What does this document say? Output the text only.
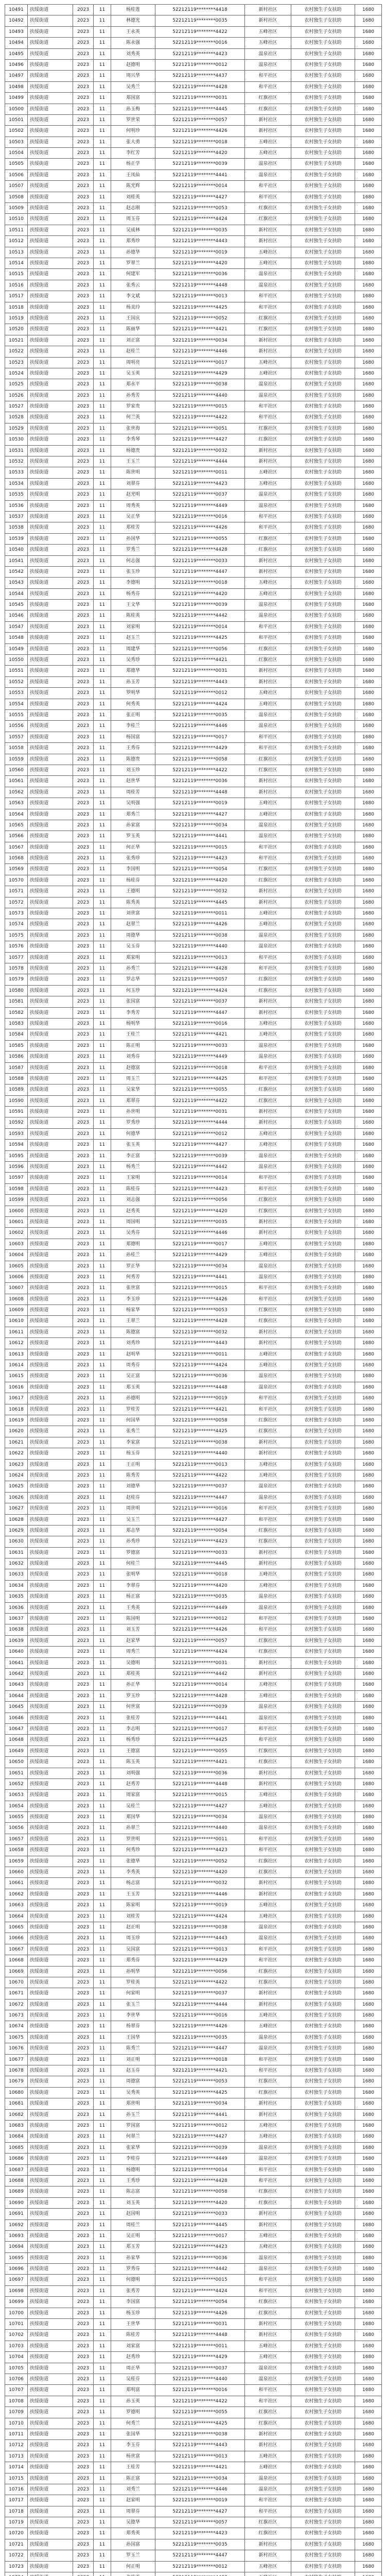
10491	扶绥街道	2023	11	杨桂莲	52212119********4418	新村社区	农村独生子女扶助	1680
10492	扶绥街道	2023	11	林德光	52212119********0035	新村社区	农村独生子女扶助	1680
10493	扶绥街道	2023	11	王永英	52212119********4422	五峰社区	农村独生子女扶助	1680
10494	扶绥街道	2023	11	陈永强	52212119********0016	五峰社区	农村独生子女扶助	1680
10495	扶绥街道	2023	11	刘秀英	52212119********4423	温泉社区	农村独生子女扶助	1680
10496	扶绥街道	2023	11	赵德明	52212119********0012	温泉社区	农村独生子女扶助	1680
10497	扶绥街道	2023	11	周兴华	52212119********4437	和平社区	农村独生子女扶助	1680
10498	扶绥街道	2023	11	吴秀兰	52212119********4428	和平社区	农村独生子女扶助	1680
10499	扶绥街道	2023	11	郑国富	52212119********0031	红旗社区	农村独生子女扶助	1680
10500	扶绥街道	2023	11	孙玉梅	52212119********4445	红旗社区	农村独生子女扶助	1680
10501	扶绥街道	2023	11	罗世荣	52212119********0057	新村社区	农村独生子女扶助	1680
10502	扶绥街道	2023	11	何明珍	52212119********4426	新村社区	农村独生子女扶助	1680
10503	扶绥街道	2023	11	张大勇	52212119********0018	五峰社区	农村独生子女扶助	1680
10504	扶绥街道	2023	11	李红芳	52212119********4420	五峰社区	农村独生子女扶助	1680
10505	扶绥街道	2023	11	杨正学	52212119********0039	温泉社区	农村独生子女扶助	1680
10506	扶绥街道	2023	11	王凤仙	52212119********4441	温泉社区	农村独生子女扶助	1680
10507	扶绥街道	2023	11	陈光辉	52212119********0014	和平社区	农村独生子女扶助	1680
10508	扶绥街道	2023	11	刘桂英	52212119********4427	和平社区	农村独生子女扶助	1680
10509	扶绥街道	2023	11	赵志刚	52212119********0053	红旗社区	农村独生子女扶助	1680
10510	扶绥街道	2023	11	周玉芬	52212119********4424	红旗社区	农村独生子女扶助	1680
10511	扶绥街道	2023	11	吴成林	52212119********0035	新村社区	农村独生子女扶助	1680
10512	扶绥街道	2023	11	郑秀珍	52212119********4443	新村社区	农村独生子女扶助	1680
10513	扶绥街道	2023	11	孙德华	52212119********0019	五峰社区	农村独生子女扶助	1680
10514	扶绥街道	2023	11	罗翠兰	52212119********4420	五峰社区	农村独生子女扶助	1680
10515	扶绥街道	2023	11	何建军	52212119********0036	温泉社区	农村独生子女扶助	1680
10516	扶绥街道	2023	11	张秀云	52212119********4448	温泉社区	农村独生子女扶助	1680
10517	扶绥街道	2023	11	李文斌	52212119********0013	和平社区	农村独生子女扶助	1680
10518	扶绥街道	2023	11	杨美玲	52212119********4425	和平社区	农村独生子女扶助	1680
10519	扶绥街道	2023	11	王国庆	52212119********0052	红旗社区	农村独生子女扶助	1680
10520	扶绥街道	2023	11	陈丽华	52212119********4421	红旗社区	农村独生子女扶助	1680
10521	扶绥街道	2023	11	刘正富	52212119********0034	新村社区	农村独生子女扶助	1680
10522	扶绥街道	2023	11	赵桂兰	52212119********4446	新村社区	农村独生子女扶助	1680
10523	扶绥街道	2023	11	周明亮	52212119********0017	五峰社区	农村独生子女扶助	1680
10524	扶绥街道	2023	11	吴玉英	52212119********4429	五峰社区	农村独生子女扶助	1680
10525	扶绥街道	2023	11	郑永平	52212119********0038	温泉社区	农村独生子女扶助	1680
10526	扶绥街道	2023	11	孙秀芳	52212119********4440	温泉社区	农村独生子女扶助	1680
10527	扶绥街道	2023	11	罗家贵	52212119********0015	和平社区	农村独生子女扶助	1680
10528	扶绥街道	2023	11	何兰英	52212119********4422	和平社区	农村独生子女扶助	1680
10529	扶绥街道	2023	11	张世海	52212119********0051	红旗社区	农村独生子女扶助	1680
10530	扶绥街道	2023	11	李秀琴	52212119********4427	红旗社区	农村独生子女扶助	1680
10531	扶绥街道	2023	11	杨德贵	52212119********0032	新村社区	农村独生子女扶助	1680
10532	扶绥街道	2023	11	王玉兰	52212119********4444	新村社区	农村独生子女扶助	1680
10533	扶绥街道	2023	11	陈世明	52212119********0011	五峰社区	农村独生子女扶助	1680
10534	扶绥街道	2023	11	刘翠芬	52212119********4423	五峰社区	农村独生子女扶助	1680
10535	扶绥街道	2023	11	赵光明	52212119********0037	温泉社区	农村独生子女扶助	1680
10536	扶绥街道	2023	11	周秀英	52212119********4449	温泉社区	农村独生子女扶助	1680
10537	扶绥街道	2023	11	吴正华	52212119********0016	和平社区	农村独生子女扶助	1680
10538	扶绥街道	2023	11	郑桂芳	52212119********4426	和平社区	农村独生子女扶助	1680
10539	扶绥街道	2023	11	孙国华	52212119********0055	红旗社区	农村独生子女扶助	1680
10540	扶绥街道	2023	11	罗秀兰	52212119********4428	红旗社区	农村独生子女扶助	1680
10541	扶绥街道	2023	11	何志强	52212119********0033	新村社区	农村独生子女扶助	1680
10542	扶绥街道	2023	11	张玉珍	52212119********4447	新村社区	农村独生子女扶助	1680
10543	扶绥街道	2023	11	李德明	52212119********0018	五峰社区	农村独生子女扶助	1680
10544	扶绥街道	2023	11	杨秀芬	52212119********4420	五峰社区	农村独生子女扶助	1680
10545	扶绥街道	2023	11	王文华	52212119********0039	温泉社区	农村独生子女扶助	1680
10546	扶绥街道	2023	11	陈桂英	52212119********4442	温泉社区	农村独生子女扶助	1680
10547	扶绥街道	2023	11	刘家明	52212119********0014	和平社区	农村独生子女扶助	1680
10548	扶绥街道	2023	11	赵玉兰	52212119********4425	和平社区	农村独生子女扶助	1680
10549	扶绥街道	2023	11	周建华	52212119********0056	红旗社区	农村独生子女扶助	1680
10550	扶绥街道	2023	11	吴秀珍	52212119********4421	红旗社区	农村独生子女扶助	1680
10551	扶绥街道	2023	11	郑德华	52212119********0031	新村社区	农村独生子女扶助	1680
10552	扶绥街道	2023	11	孙玉芳	52212119********4443	新村社区	农村独生子女扶助	1680
10553	扶绥街道	2023	11	罗明华	52212119********0012	五峰社区	农村独生子女扶助	1680
10554	扶绥街道	2023	11	何秀英	52212119********4424	五峰社区	农村独生子女扶助	1680
10555	扶绥街道	2023	11	张正明	52212119********0035	温泉社区	农村独生子女扶助	1680
10556	扶绥街道	2023	11	李桂兰	52212119********4446	温泉社区	农村独生子女扶助	1680
10557	扶绥街道	2023	11	杨国富	52212119********0017	和平社区	农村独生子女扶助	1680
10558	扶绥街道	2023	11	王秀芬	52212119********4429	和平社区	农村独生子女扶助	1680
10559	扶绥街道	2023	11	陈德贵	52212119********0058	红旗社区	农村独生子女扶助	1680
10560	扶绥街道	2023	11	刘玉珍	52212119********4422	红旗社区	农村独生子女扶助	1680
10561	扶绥街道	2023	11	赵世华	52212119********0036	新村社区	农村独生子女扶助	1680
10562	扶绥街道	2023	11	周桂芳	52212119********4448	新村社区	农村独生子女扶助	1680
10563	扶绥街道	2023	11	吴明强	52212119********0019	五峰社区	农村独生子女扶助	1680
10564	扶绥街道	2023	11	郑秀兰	52212119********4427	五峰社区	农村独生子女扶助	1680
10565	扶绥街道	2023	11	孙家富	52212119********0034	温泉社区	农村独生子女扶助	1680
10566	扶绥街道	2023	11	罗玉英	52212119********4441	温泉社区	农村独生子女扶助	1680
10567	扶绥街道	2023	11	何正华	52212119********0015	和平社区	农村独生子女扶助	1680
10568	扶绥街道	2023	11	张秀珍	52212119********4423	和平社区	农村独生子女扶助	1680
10569	扶绥街道	2023	11	李国明	52212119********0054	红旗社区	农村独生子女扶助	1680
10570	扶绥街道	2023	11	杨桂芬	52212119********4420	红旗社区	农村独生子女扶助	1680
10571	扶绥街道	2023	11	王德明	52212119********0032	新村社区	农村独生子女扶助	1680
10572	扶绥街道	2023	11	陈秀英	52212119********4445	新村社区	农村独生子女扶助	1680
10573	扶绥街道	2023	11	刘世富	52212119********0011	五峰社区	农村独生子女扶助	1680
10574	扶绥街道	2023	11	赵翠兰	52212119********4426	五峰社区	农村独生子女扶助	1680
10575	扶绥街道	2023	11	周德华	52212119********0038	温泉社区	农村独生子女扶助	1680
10576	扶绥街道	2023	11	吴玉芬	52212119********4440	温泉社区	农村独生子女扶助	1680
10577	扶绥街道	2023	11	郑家明	52212119********0013	和平社区	农村独生子女扶助	1680
10578	扶绥街道	2023	11	孙秀兰	52212119********4428	和平社区	农村独生子女扶助	1680
10579	扶绥街道	2023	11	罗志华	52212119********0057	红旗社区	农村独生子女扶助	1680
10580	扶绥街道	2023	11	何玉珍	52212119********4424	红旗社区	农村独生子女扶助	1680
10581	扶绥街道	2023	11	张国富	52212119********0037	新村社区	农村独生子女扶助	1680
10582	扶绥街道	2023	11	李秀芳	52212119********4447	新村社区	农村独生子女扶助	1680
10583	扶绥街道	2023	11	杨明华	52212119********0016	五峰社区	农村独生子女扶助	1680
10584	扶绥街道	2023	11	王桂兰	52212119********4421	五峰社区	农村独生子女扶助	1680
10585	扶绥街道	2023	11	陈正明	52212119********0033	温泉社区	农村独生子女扶助	1680
10586	扶绥街道	2023	11	刘秀芬	52212119********4449	温泉社区	农村独生子女扶助	1680
10587	扶绥街道	2023	11	赵德富	52212119********0018	和平社区	农村独生子女扶助	1680
10588	扶绥街道	2023	11	周玉兰	52212119********4425	和平社区	农村独生子女扶助	1680
10589	扶绥街道	2023	11	吴家华	52212119********0055	红旗社区	农村独生子女扶助	1680
10590	扶绥街道	2023	11	郑翠芬	52212119********4422	红旗社区	农村独生子女扶助	1680
10591	扶绥街道	2023	11	孙世明	52212119********0031	新村社区	农村独生子女扶助	1680
10592	扶绥街道	2023	11	罗秀珍	52212119********4444	新村社区	农村独生子女扶助	1680
10593	扶绥街道	2023	11	何德华	52212119********0012	五峰社区	农村独生子女扶助	1680
10594	扶绥街道	2023	11	张玉英	52212119********4427	五峰社区	农村独生子女扶助	1680
10595	扶绥街道	2023	11	李正富	52212119********0039	温泉社区	农村独生子女扶助	1680
10596	扶绥街道	2023	11	杨秀兰	52212119********4442	温泉社区	农村独生子女扶助	1680
10597	扶绥街道	2023	11	王家明	52212119********0014	和平社区	农村独生子女扶助	1680
10598	扶绥街道	2023	11	陈桂芬	52212119********4423	和平社区	农村独生子女扶助	1680
10599	扶绥街道	2023	11	刘志强	52212119********0056	红旗社区	农村独生子女扶助	1680
10600	扶绥街道	2023	11	赵秀英	52212119********4420	红旗社区	农村独生子女扶助	1680
10601	扶绥街道	2023	11	周国明	52212119********0035	新村社区	农村独生子女扶助	1680
10602	扶绥街道	2023	11	吴秀芬	52212119********4446	新村社区	农村独生子女扶助	1680
10603	扶绥街道	2023	11	郑德明	52212119********0017	五峰社区	农村独生子女扶助	1680
10604	扶绥街道	2023	11	孙桂兰	52212119********4429	五峰社区	农村独生子女扶助	1680
10605	扶绥街道	2023	11	罗正华	52212119********0034	温泉社区	农村独生子女扶助	1680
10606	扶绥街道	2023	11	何秀芳	52212119********4441	温泉社区	农村独生子女扶助	1680
10607	扶绥街道	2023	11	张世富	52212119********0015	和平社区	农村独生子女扶助	1680
10608	扶绥街道	2023	11	李玉珍	52212119********4426	和平社区	农村独生子女扶助	1680
10609	扶绥街道	2023	11	杨家华	52212119********0053	红旗社区	农村独生子女扶助	1680
10610	扶绥街道	2023	11	王翠兰	52212119********4428	红旗社区	农村独生子女扶助	1680
10611	扶绥街道	2023	11	陈德富	52212119********0032	新村社区	农村独生子女扶助	1680
10612	扶绥街道	2023	11	刘秀珍	52212119********4443	新村社区	农村独生子女扶助	1680
10613	扶绥街道	2023	11	赵明华	52212119********0011	五峰社区	农村独生子女扶助	1680
10614	扶绥街道	2023	11	周秀芬	52212119********4424	五峰社区	农村独生子女扶助	1680
10615	扶绥街道	2023	11	吴正富	52212119********0036	温泉社区	农村独生子女扶助	1680
10616	扶绥街道	2023	11	郑玉英	52212119********4448	温泉社区	农村独生子女扶助	1680
10617	扶绥街道	2023	11	孙德明	52212119********0019	和平社区	农村独生子女扶助	1680
10618	扶绥街道	2023	11	罗桂芳	52212119********4421	和平社区	农村独生子女扶助	1680
10619	扶绥街道	2023	11	何国华	52212119********0058	红旗社区	农村独生子女扶助	1680
10620	扶绥街道	2023	11	张秀兰	52212119********4425	红旗社区	农村独生子女扶助	1680
10621	扶绥街道	2023	11	李家富	52212119********0038	新村社区	农村独生子女扶助	1680
10622	扶绥街道	2023	11	杨玉芬	52212119********4440	新村社区	农村独生子女扶助	1680
10623	扶绥街道	2023	11	王正明	52212119********0013	五峰社区	农村独生子女扶助	1680
10624	扶绥街道	2023	11	陈秀芳	52212119********4422	五峰社区	农村独生子女扶助	1680
10625	扶绥街道	2023	11	刘德华	52212119********0037	温泉社区	农村独生子女扶助	1680
10626	扶绥街道	2023	11	赵桂芬	52212119********4447	温泉社区	农村独生子女扶助	1680
10627	扶绥街道	2023	11	周世明	52212119********0016	和平社区	农村独生子女扶助	1680
10628	扶绥街道	2023	11	吴玉兰	52212119********4427	和平社区	农村独生子女扶助	1680
10629	扶绥街道	2023	11	郑志华	52212119********0054	红旗社区	农村独生子女扶助	1680
10630	扶绥街道	2023	11	孙秀珍	52212119********4423	红旗社区	农村独生子女扶助	1680
10631	扶绥街道	2023	11	罗德富	52212119********0033	新村社区	农村独生子女扶助	1680
10632	扶绥街道	2023	11	何桂兰	52212119********4445	新村社区	农村独生子女扶助	1680
10633	扶绥街道	2023	11	张明华	52212119********0018	五峰社区	农村独生子女扶助	1680
10634	扶绥街道	2023	11	李翠芬	52212119********4420	五峰社区	农村独生子女扶助	1680
10635	扶绥街道	2023	11	杨正富	52212119********0035	温泉社区	农村独生子女扶助	1680
10636	扶绥街道	2023	11	王秀英	52212119********4449	温泉社区	农村独生子女扶助	1680
10637	扶绥街道	2023	11	陈国明	52212119********0012	和平社区	农村独生子女扶助	1680
10638	扶绥街道	2023	11	刘玉芳	52212119********4426	和平社区	农村独生子女扶助	1680
10639	扶绥街道	2023	11	赵家华	52212119********0057	红旗社区	农村独生子女扶助	1680
10640	扶绥街道	2023	11	周秀兰	52212119********4424	红旗社区	农村独生子女扶助	1680
10641	扶绥街道	2023	11	吴德明	52212119********0031	新村社区	农村独生子女扶助	1680
10642	扶绥街道	2023	11	郑桂英	52212119********4442	新村社区	农村独生子女扶助	1680
10643	扶绥街道	2023	11	孙正华	52212119********0014	五峰社区	农村独生子女扶助	1680
10644	扶绥街道	2023	11	罗玉珍	52212119********4428	五峰社区	农村独生子女扶助	1680
10645	扶绥街道	2023	11	何世富	52212119********0039	温泉社区	农村独生子女扶助	1680
10646	扶绥街道	2023	11	张桂芳	52212119********4441	温泉社区	农村独生子女扶助	1680
10647	扶绥街道	2023	11	李志明	52212119********0017	和平社区	农村独生子女扶助	1680
10648	扶绥街道	2023	11	杨秀珍	52212119********4425	和平社区	农村独生子女扶助	1680
10649	扶绥街道	2023	11	王德富	52212119********0055	红旗社区	农村独生子女扶助	1680
10650	扶绥街道	2023	11	陈玉英	52212119********4421	红旗社区	农村独生子女扶助	1680
10651	扶绥街道	2023	11	刘明强	52212119********0036	新村社区	农村独生子女扶助	1680
10652	扶绥街道	2023	11	赵秀芳	52212119********4448	新村社区	农村独生子女扶助	1680
10653	扶绥街道	2023	11	周家富	52212119********0015	五峰社区	农村独生子女扶助	1680
10654	扶绥街道	2023	11	吴桂兰	52212119********4427	五峰社区	农村独生子女扶助	1680
10655	扶绥街道	2023	11	郑国华	52212119********0034	温泉社区	农村独生子女扶助	1680
10656	扶绥街道	2023	11	孙翠兰	52212119********4440	温泉社区	农村独生子女扶助	1680
10657	扶绥街道	2023	11	罗世明	52212119********0011	和平社区	农村独生子女扶助	1680
10658	扶绥街道	2023	11	何秀珍	52212119********4423	和平社区	农村独生子女扶助	1680
10659	扶绥街道	2023	11	张德华	52212119********0052	红旗社区	农村独生子女扶助	1680
10660	扶绥街道	2023	11	李秀英	52212119********4420	红旗社区	农村独生子女扶助	1680
10661	扶绥街道	2023	11	杨志富	52212119********0032	新村社区	农村独生子女扶助	1680
10662	扶绥街道	2023	11	王玉芳	52212119********4446	新村社区	农村独生子女扶助	1680
10663	扶绥街道	2023	11	陈家明	52212119********0019	五峰社区	农村独生子女扶助	1680
10664	扶绥街道	2023	11	刘桂芳	52212119********4424	五峰社区	农村独生子女扶助	1680
10665	扶绥街道	2023	11	赵正明	52212119********0038	温泉社区	农村独生子女扶助	1680
10666	扶绥街道	2023	11	周玉珍	52212119********4443	温泉社区	农村独生子女扶助	1680
10667	扶绥街道	2023	11	吴国富	52212119********0013	和平社区	农村独生子女扶助	1680
10668	扶绥街道	2023	11	郑秀芬	52212119********4429	和平社区	农村独生子女扶助	1680
10669	扶绥街道	2023	11	孙明华	52212119********0056	红旗社区	农村独生子女扶助	1680
10670	扶绥街道	2023	11	罗桂英	52212119********4422	红旗社区	农村独生子女扶助	1680
10671	扶绥街道	2023	11	何家明	52212119********0037	新村社区	农村独生子女扶助	1680
10672	扶绥街道	2023	11	张玉兰	52212119********4444	新村社区	农村独生子女扶助	1680
10673	扶绥街道	2023	11	李世华	52212119********0016	五峰社区	农村独生子女扶助	1680
10674	扶绥街道	2023	11	杨翠芬	52212119********4426	五峰社区	农村独生子女扶助	1680
10675	扶绥街道	2023	11	王国华	52212119********0035	温泉社区	农村独生子女扶助	1680
10676	扶绥街道	2023	11	陈秀兰	52212119********4447	温泉社区	农村独生子女扶助	1680
10677	扶绥街道	2023	11	刘正明	52212119********0018	和平社区	农村独生子女扶助	1680
10678	扶绥街道	2023	11	赵玉芬	52212119********4421	和平社区	农村独生子女扶助	1680
10679	扶绥街道	2023	11	周德富	52212119********0053	红旗社区	农村独生子女扶助	1680
10680	扶绥街道	2023	11	吴秀英	52212119********4425	红旗社区	农村独生子女扶助	1680
10681	扶绥街道	2023	11	郑世明	52212119********0034	新村社区	农村独生子女扶助	1680
10682	扶绥街道	2023	11	孙玉兰	52212119********4441	新村社区	农村独生子女扶助	1680
10683	扶绥街道	2023	11	罗国富	52212119********0012	五峰社区	农村独生子女扶助	1680
10684	扶绥街道	2023	11	何翠兰	52212119********4427	五峰社区	农村独生子女扶助	1680
10685	扶绥街道	2023	11	张家华	52212119********0039	温泉社区	农村独生子女扶助	1680
10686	扶绥街道	2023	11	李桂芬	52212119********4449	温泉社区	农村独生子女扶助	1680
10687	扶绥街道	2023	11	杨德明	52212119********0014	和平社区	农村独生子女扶助	1680
10688	扶绥街道	2023	11	王秀珍	52212119********4428	和平社区	农村独生子女扶助	1680
10689	扶绥街道	2023	11	陈志富	52212119********0058	红旗社区	农村独生子女扶助	1680
10690	扶绥街道	2023	11	刘玉英	52212119********4420	红旗社区	农村独生子女扶助	1680
10691	扶绥街道	2023	11	赵国明	52212119********0033	新村社区	农村独生子女扶助	1680
10692	扶绥街道	2023	11	周桂兰	52212119********4445	新村社区	农村独生子女扶助	1680
10693	扶绥街道	2023	11	吴正明	52212119********0017	五峰社区	农村独生子女扶助	1680
10694	扶绥街道	2023	11	郑玉芳	52212119********4423	五峰社区	农村独生子女扶助	1680
10695	扶绥街道	2023	11	孙家华	52212119********0036	温泉社区	农村独生子女扶助	1680
10696	扶绥街道	2023	11	罗秀芬	52212119********4442	温泉社区	农村独生子女扶助	1680
10697	扶绥街道	2023	11	何德明	52212119********0015	和平社区	农村独生子女扶助	1680
10698	扶绥街道	2023	11	张秀芳	52212119********4424	和平社区	农村独生子女扶助	1680
10699	扶绥街道	2023	11	李国富	52212119********0054	红旗社区	农村独生子女扶助	1680
10700	扶绥街道	2023	11	杨玉珍	52212119********4426	红旗社区	农村独生子女扶助	1680
10701	扶绥街道	2023	11	王世华	52212119********0031	新村社区	农村独生子女扶助	1680
10702	扶绥街道	2023	11	陈桂芳	52212119********4448	新村社区	农村独生子女扶助	1680
10703	扶绥街道	2023	11	刘家富	52212119********0011	五峰社区	农村独生子女扶助	1680
10704	扶绥街道	2023	11	赵秀珍	52212119********4429	五峰社区	农村独生子女扶助	1680
10705	扶绥街道	2023	11	周正华	52212119********0037	温泉社区	农村独生子女扶助	1680
10706	扶绥街道	2023	11	吴桂芬	52212119********4440	温泉社区	农村独生子女扶助	1680
10707	扶绥街道	2023	11	郑明富	52212119********0016	和平社区	农村独生子女扶助	1680
10708	扶绥街道	2023	11	孙玉英	52212119********4422	和平社区	农村独生子女扶助	1680
10709	扶绥街道	2023	11	罗德明	52212119********0055	红旗社区	农村独生子女扶助	1680
10710	扶绥街道	2023	11	何秀兰	52212119********4425	红旗社区	农村独生子女扶助	1680
10711	扶绥街道	2023	11	张国华	52212119********0038	新村社区	农村独生子女扶助	1680
10712	扶绥街道	2023	11	李玉芬	52212119********4443	新村社区	农村独生子女扶助	1680
10713	扶绥街道	2023	11	杨世富	52212119********0013	五峰社区	农村独生子女扶助	1680
10714	扶绥街道	2023	11	王桂芳	52212119********4421	五峰社区	农村独生子女扶助	1680
10715	扶绥街道	2023	11	陈正富	52212119********0034	温泉社区	农村独生子女扶助	1680
10716	扶绥街道	2023	11	刘秀兰	52212119********4446	温泉社区	农村独生子女扶助	1680
10717	扶绥街道	2023	11	赵家明	52212119********0019	和平社区	农村独生子女扶助	1680
10718	扶绥街道	2023	11	周翠芬	52212119********4427	和平社区	农村独生子女扶助	1680
10719	扶绥街道	2023	11	吴德华	52212119********0057	红旗社区	农村独生子女扶助	1680
10720	扶绥街道	2023	11	郑秀英	52212119********4423	红旗社区	农村独生子女扶助	1680
10721	扶绥街道	2023	11	孙国富	52212119********0035	新村社区	农村独生子女扶助	1680
10722	扶绥街道	2023	11	罗玉兰	52212119********4447	新村社区	农村独生子女扶助	1680
10723	扶绥街道	2023	11	何正明	52212119********0012	五峰社区	农村独生子女扶助	1680
